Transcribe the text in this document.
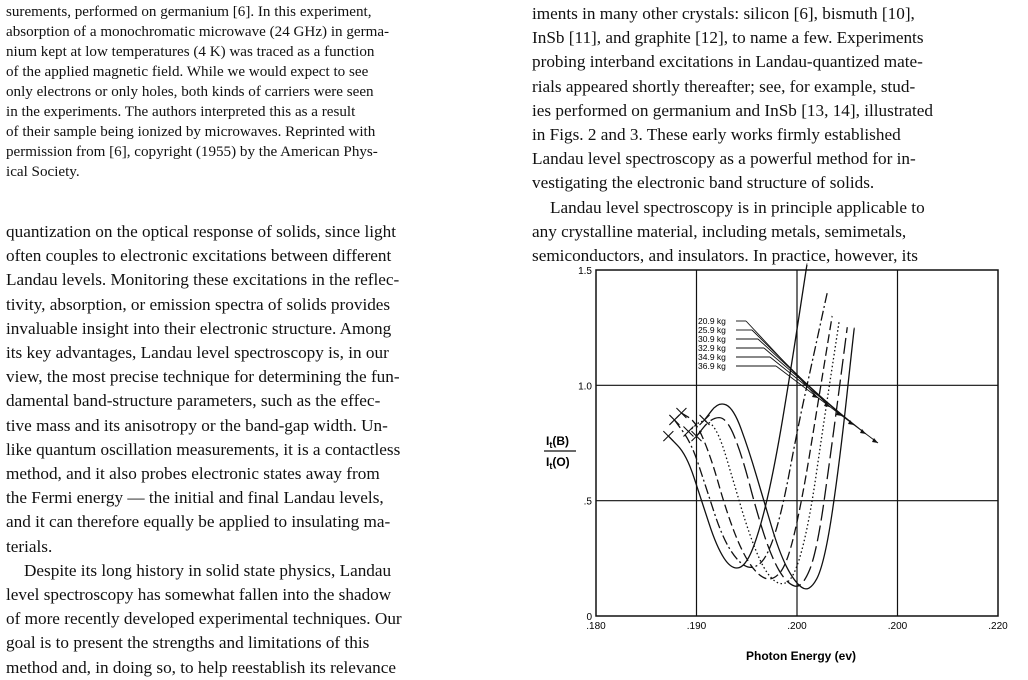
surements, performed on germanium [6]. In this experiment,
absorption of a monochromatic microwave (24 GHz) in germa-
nium kept at low temperatures (4 K) was traced as a function
of the applied magnetic field. While we would expect to see
only electrons or only holes, both kinds of carriers were seen
in the experiments. The authors interpreted this as a result
of their sample being ionized by microwaves. Reprinted with
permission from [6], copyright (1955) by the American Phys-
ical Society.

quantization on the optical response of solids, since light
often couples to electronic excitations between different
Landau levels. Monitoring these excitations in the reflec-
tivity, absorption, or emission spectra of solids provides
invaluable insight into their electronic structure. Among
its key advantages, Landau level spectroscopy is, in our
view, the most precise technique for determining the fun-
damental band-structure parameters, such as the effec-
tive mass and its anisotropy or the band-gap width. Un-
like quantum oscillation measurements, it is a contactless
method, and it also probes electronic states away from
the Fermi energy — the initial and final Landau levels,
and it can therefore equally be applied to insulating ma-
terials.

Despite its long history in solid state physics, Landau
level spectroscopy has somewhat fallen into the shadow
of more recently developed experimental techniques. Our
goal is to present the strengths and limitations of this
method and, in doing so, to help reestablish its relevance

iments in many other crystals: silicon [6], bismuth [10],
InSb [11], and graphite [12], to name a few. Experiments
probing interband excitations in Landau-quantized mate-
rials appeared shortly thereafter; see, for example, stud-
ies performed on germanium and InSb [13, 14], illustrated
in Figs. 2 and 3. These early works firmly established
Landau level spectroscopy as a powerful method for in-
vestigating the electronic band structure of solids.

Landau level spectroscopy is in principle applicable to
any crystalline material, including metals, semimetals,
semiconductors, and insulators. In practice, however, its

20.9 kg
25.9 kg
30.9 kg
32.9 kg
34.9 kg
36.9 kg
.180	.190	.200	.200	.220
0
.5
1.0
1.5
Photon Energy (ev)
$I_t(B)$
$I_t(O)$
